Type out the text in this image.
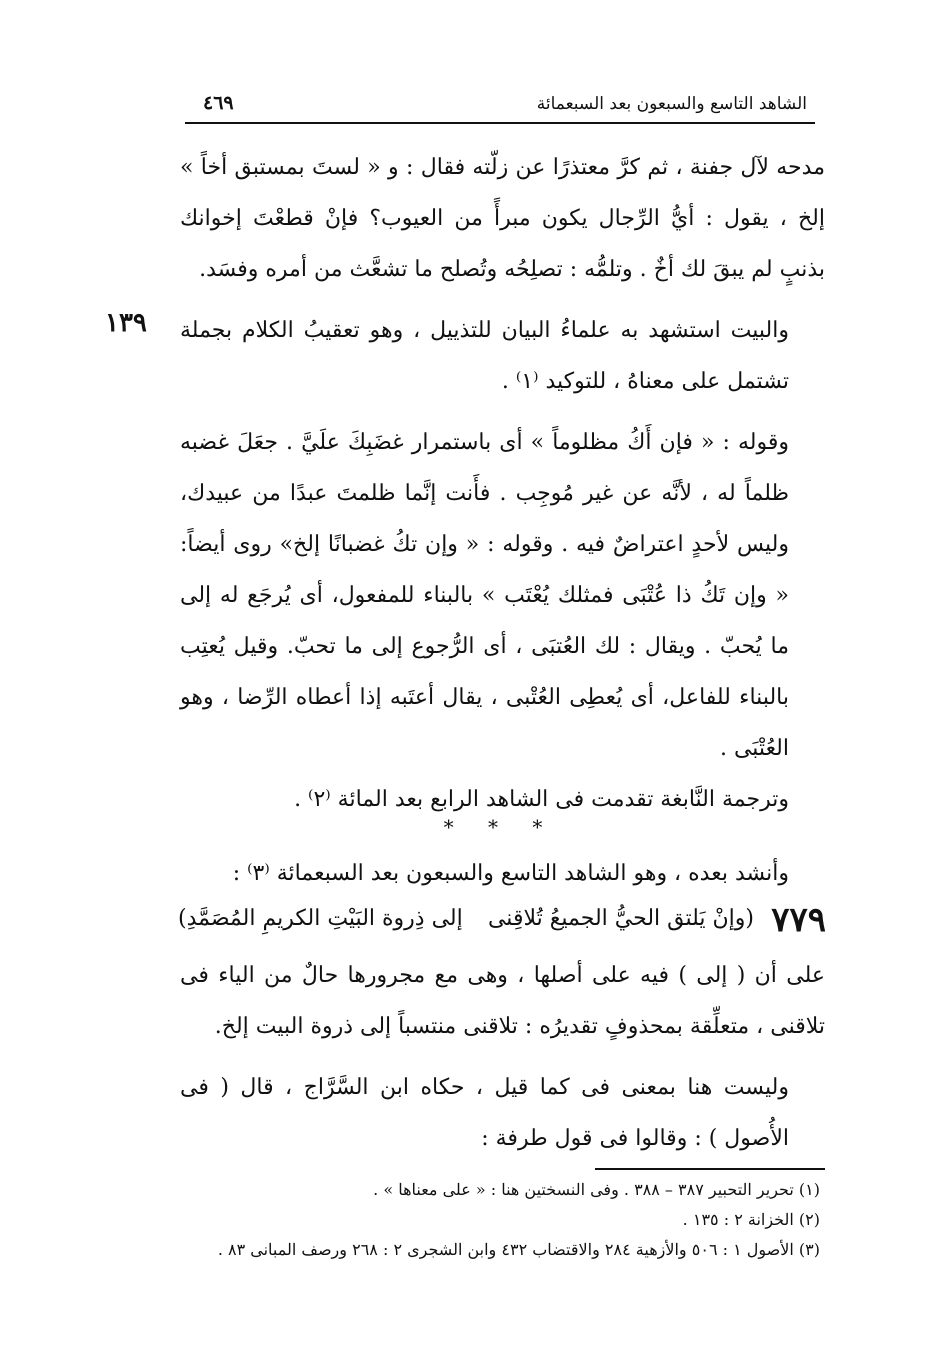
الشاهد التاسع والسبعون بعد السبعمائة
٤٦٩
١٣٩

مدحه لآل جفنة ، ثم كرَّ معتذرًا عن زلّته فقال : و « لستَ بمستبق أخاً » إلخ ، يقول : أيُّ الرِّجال يكون مبرأً من العيوب؟ فإنْ قطعْتَ إخوانك بذنبٍ لم يبقَ لك أخٌ . وتلمُّه : تصلِحُه وتُصلح ما تشعَّث من أمره وفسَد.

والبيت استشهد به علماءُ البيان للتذييل ، وهو تعقيبُ الكلام بجملة تشتمل على معناهُ ، للتوكيد ⁽١⁾ .

وقوله : « فإن أَكُ مظلوماً » أى باستمرار غضَبِكَ علَيَّ . جعَلَ غضبه ظلماً له ، لأنَّه عن غير مُوجِب . فأَنت إنَّما ظلمتَ عبدًا من عبيدك، وليس لأحدٍ اعتراضٌ فيه . وقوله : « وإن تكُ غضبانًا إلخ» روى أيضاً: « وإن تَكُ ذا عُتْبَى فمثلك يُعْتَب » بالبناء للمفعول، أى يُرجَع له إلى ما يُحبّ . ويقال : لك العُتبَى ، أى الرُّجوع إلى ما تحبّ. وقيل يُعتِب بالبناء للفاعل، أى يُعطِى العُتْبى ، يقال أعتَبه إذا أعطاه الرِّضا ، وهو العُتْبَى .

وترجمة النَّابغة تقدمت فى الشاهد الرابع بعد المائة ⁽٢⁾ .

* * *

وأنشد بعده ، وهو الشاهد التاسع والسبعون بعد السبعمائة ⁽٣⁾ :

٧٧٩
(وإنْ يَلتق الحيُّ الجميعُ تُلاقِنى
إلى ذِروة البَيْتِ الكريمِ المُصَمَّدِ)

على أن ( إلى ) فيه على أصلها ، وهى مع مجرورها حالٌ من الياء فى تلاقنى ، متعلِّقة بمحذوفٍ تقديرُه : تلاقنى منتسباً إلى ذروة البيت إلخ.

وليست هنا بمعنى فى كما قيل ، حكاه ابن السَّرَّاج ، قال ( فى الأُصول ) : وقالوا فى قول طرفة :

(١) تحرير التحبير ٣٨٧ – ٣٨٨ . وفى النسختين هنا : « على معناها » .

(٢) الخزانة ٢ : ١٣٥ .

(٣) الأصول ١ : ٥٠٦ والأزهية ٢٨٤ والاقتضاب ٤٣٢ وابن الشجرى ٢ : ٢٦٨ ورصف المبانى ٨٣ .
